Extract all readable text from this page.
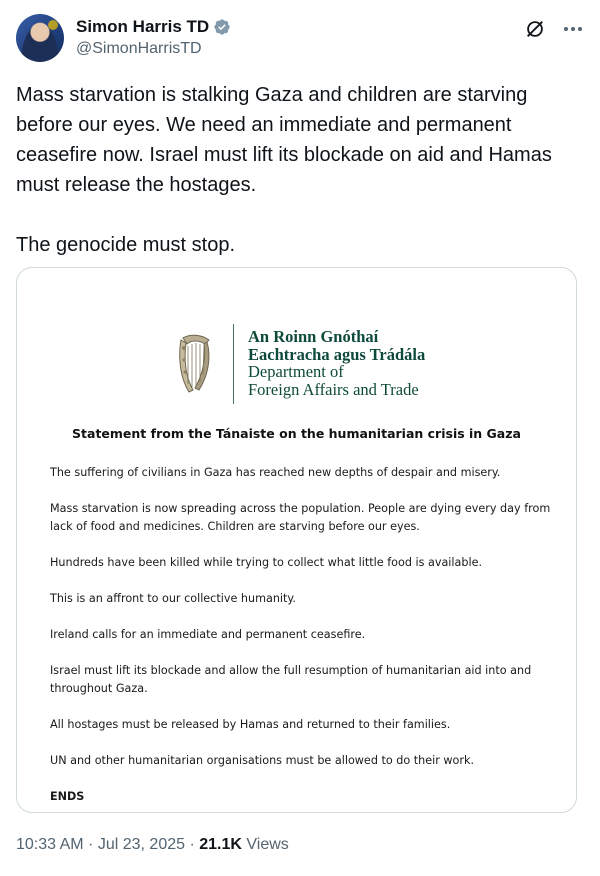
Simon Harris TD
@SimonHarrisTD

Mass starvation is stalking Gaza and children are starving before our eyes. We need an immediate and permanent ceasefire now. Israel must lift its blockade on aid and Hamas must release the hostages.

The genocide must stop.

An Roinn Gnóthaí
Eachtracha agus Trádála
Department of
Foreign Affairs and Trade
Statement from the Tánaiste on the humanitarian crisis in Gaza

The suffering of civilians in Gaza has reached new depths of despair and misery.

Mass starvation is now spreading across the population. People are dying every day from lack of food and medicines. Children are starving before our eyes.

Hundreds have been killed while trying to collect what little food is available.

This is an affront to our collective humanity.

Ireland calls for an immediate and permanent ceasefire.

Israel must lift its blockade and allow the full resumption of humanitarian aid into and throughout Gaza.

All hostages must be released by Hamas and returned to their families.

UN and other humanitarian organisations must be allowed to do their work.

ENDS

10:33 AM · Jul 23, 2025 · 21.1K Views
